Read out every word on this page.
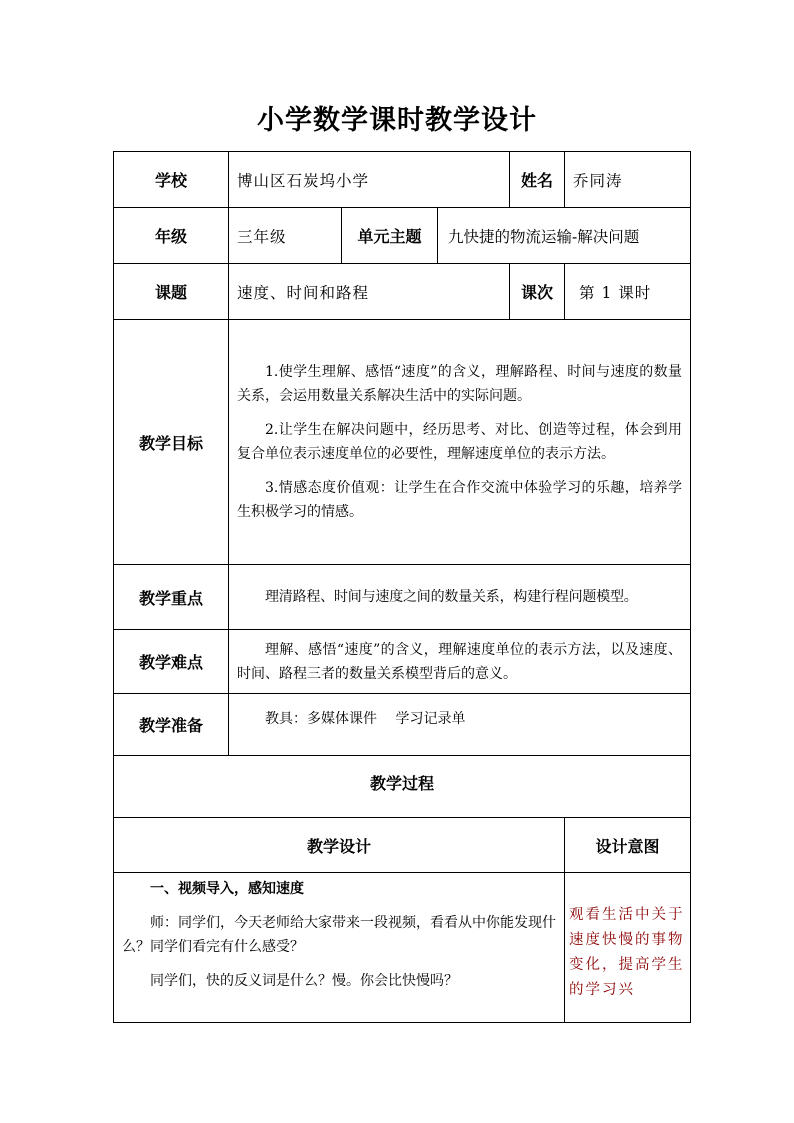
小学数学课时教学设计
学校	博山区石炭坞小学			姓名	乔同涛
年级	三年级	单元主题	九快捷的物流运输-解决问题		
课题	速度、时间和路程			课次	第 1 课时
教学目标	1.使学生理解、感悟“速度”的含义，理解路程、时间与速度的数量关系，会运用数量关系解决生活中的实际问题。

2.让学生在解决问题中，经历思考、对比、创造等过程，体会到用复合单位表示速度单位的必要性，理解速度单位的表示方法。

3.情感态度价值观：让学生在合作交流中体验学习的乐趣，培养学生积极学习的情感。				

教学重点	理清路程、时间与速度之间的数量关系，构建行程问题模型。				

教学难点	理解、感悟“速度”的含义，理解速度单位的表示方法，以及速度、时间、路程三者的数量关系模型背后的意义。				

教学准备	教具：多媒体课件　 学习记录单				

教学过程					
教学设计					设计意图

一、视频导入，感知速度

师：同学们，今天老师给大家带来一段视频，看看从中你能发现什么？同学们看完有什么感受？

同学们，快的反义词是什么？慢。你会比快慢吗？					观看生活中关于速度快慢的事物变化，提高学生的学习兴
